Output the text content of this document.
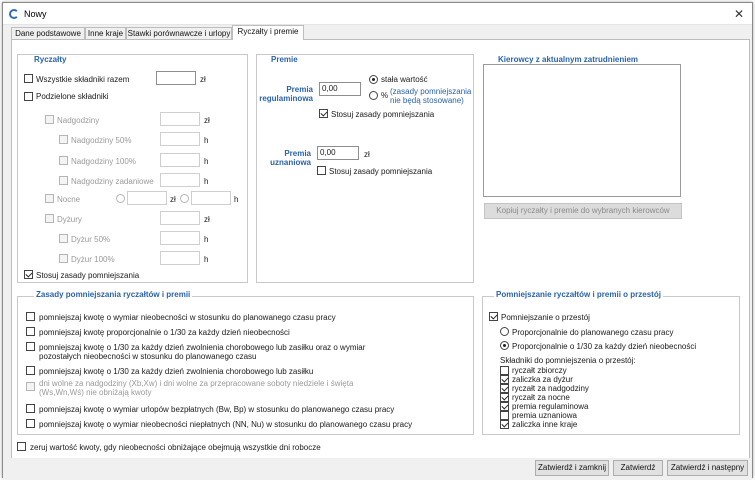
Nowy	✕
Dane podstawowe Inne kraje Stawki porównawcze i urlopy Ryczałty i premie
Ryczałty
Wszystkie składniki razem	zł
Podzielone składniki
Nadgodziny	zł
Nadgodziny 50%	h
Nadgodziny 100%	h
Nadgodziny zadaniowe	h
Nocne	zł	h
Dyżury	zł
Dyżur 50%	h
Dyżur 100%	h
Stosuj zasady pomniejszania
Premie
Premia
regulaminowa
0,00
stała wartość
% (zasady pomniejszania
nie będą stosowane)
Stosuj zasady pomniejszania
Premia
uznaniowa
0,00	zł
Stosuj zasady pomniejszania
Kierowcy z aktualnym zatrudnieniem
Kopiuj ryczałty i premie do wybranych kierowców
Zasady pomniejszania ryczałtów i premii
pomniejszaj kwotę o wymiar nieobecności w stosunku do planowanego czasu pracy
pomniejszaj kwotę proporcjonalnie o 1/30 za każdy dzień nieobecności
pomniejszaj kwotę o 1/30 za każdy dzień zwolnienia chorobowego lub zasiłku oraz o wymiar
pozostałych nieobecności w stosunku do planowanego czasu
pomniejszaj kwotę o 1/30 za każdy dzień zwolnienia chorobowego lub zasiłku
dni wolne za nadgodziny (Xb,Xw) i dni wolne za przepracowane soboty niedziele i święta
(Ws,Wn,Wś) nie obniżają kwoty
pomniejszaj kwotę o wymiar urlopów bezpłatnych (Bw, Bp) w stosunku do planowanego czasu pracy
pomniejszaj kwotę o wymiar nieobecności niepłatnych (NN, Nu) w stosunku do planowanego czasu pracy
Pomniejszanie ryczałtów i premii o przestój
Pomniejszanie o przestój
Proporcjonalnie do planowanego czasu pracy
Proporcjonalnie o 1/30 za każdy dzień nieobecności
Składniki do pomniejszenia o przestój:
ryczałt zbiorczy
zaliczka za dyżur
ryczałt za nadgodziny
ryczałt za nocne
premia regulaminowa
premia uznaniowa
zaliczka inne kraje
zeruj wartość kwoty, gdy nieobecności obniżające obejmują wszystkie dni robocze
Zatwierdź i zamknij	Zatwierdź	Zatwierdź i następny
